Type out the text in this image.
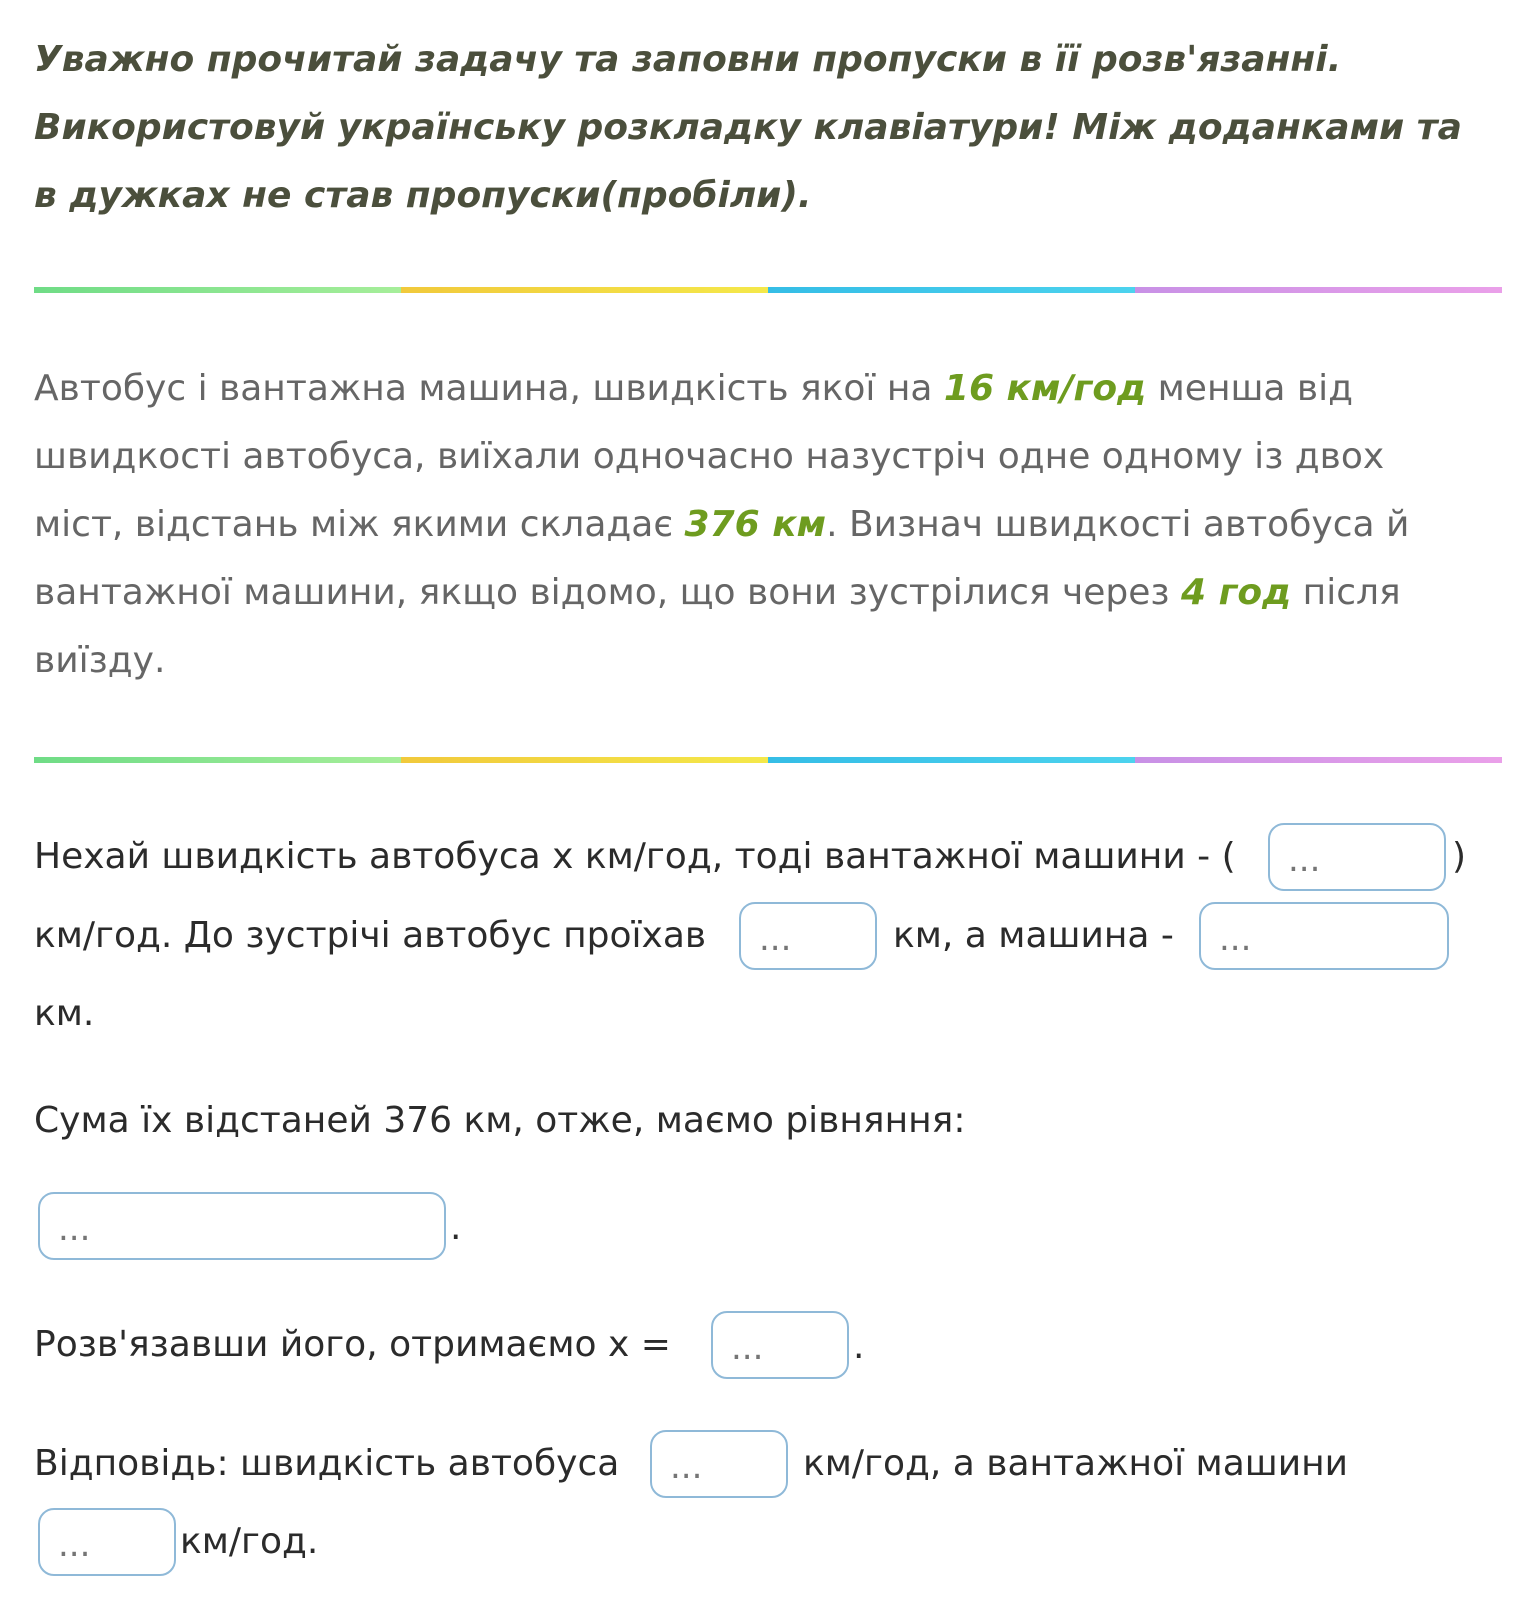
Уважно прочитай задачу та заповни пропуски в її розв'язанні. Використовуй українську розкладку клавіатури! Між доданками та в дужках не став пропуски(пробіли).

Автобус і вантажна машина, швидкість якої на 16 км/год менша від швидкості автобуса, виїхали одночасно назустріч одне одному із двох міст, відстань між якими складає 376 км. Визнач швидкості автобуса й вантажної машини, якщо відомо, що вони зустрілися через 4 год після виїзду.

Нехай швидкість автобуса x км/год, тоді вантажної машини - (
...	)
км/год. До зустрічі автобус проїхав
...	км, а машина -
...
км.
Сума їх відстаней 376 км, отже, маємо рівняння:
...
.
Розв'язавши його, отримаємо x =
...	.
Відповідь: швидкість автобуса
...	км/год, а вантажної машини
...
км/год.
